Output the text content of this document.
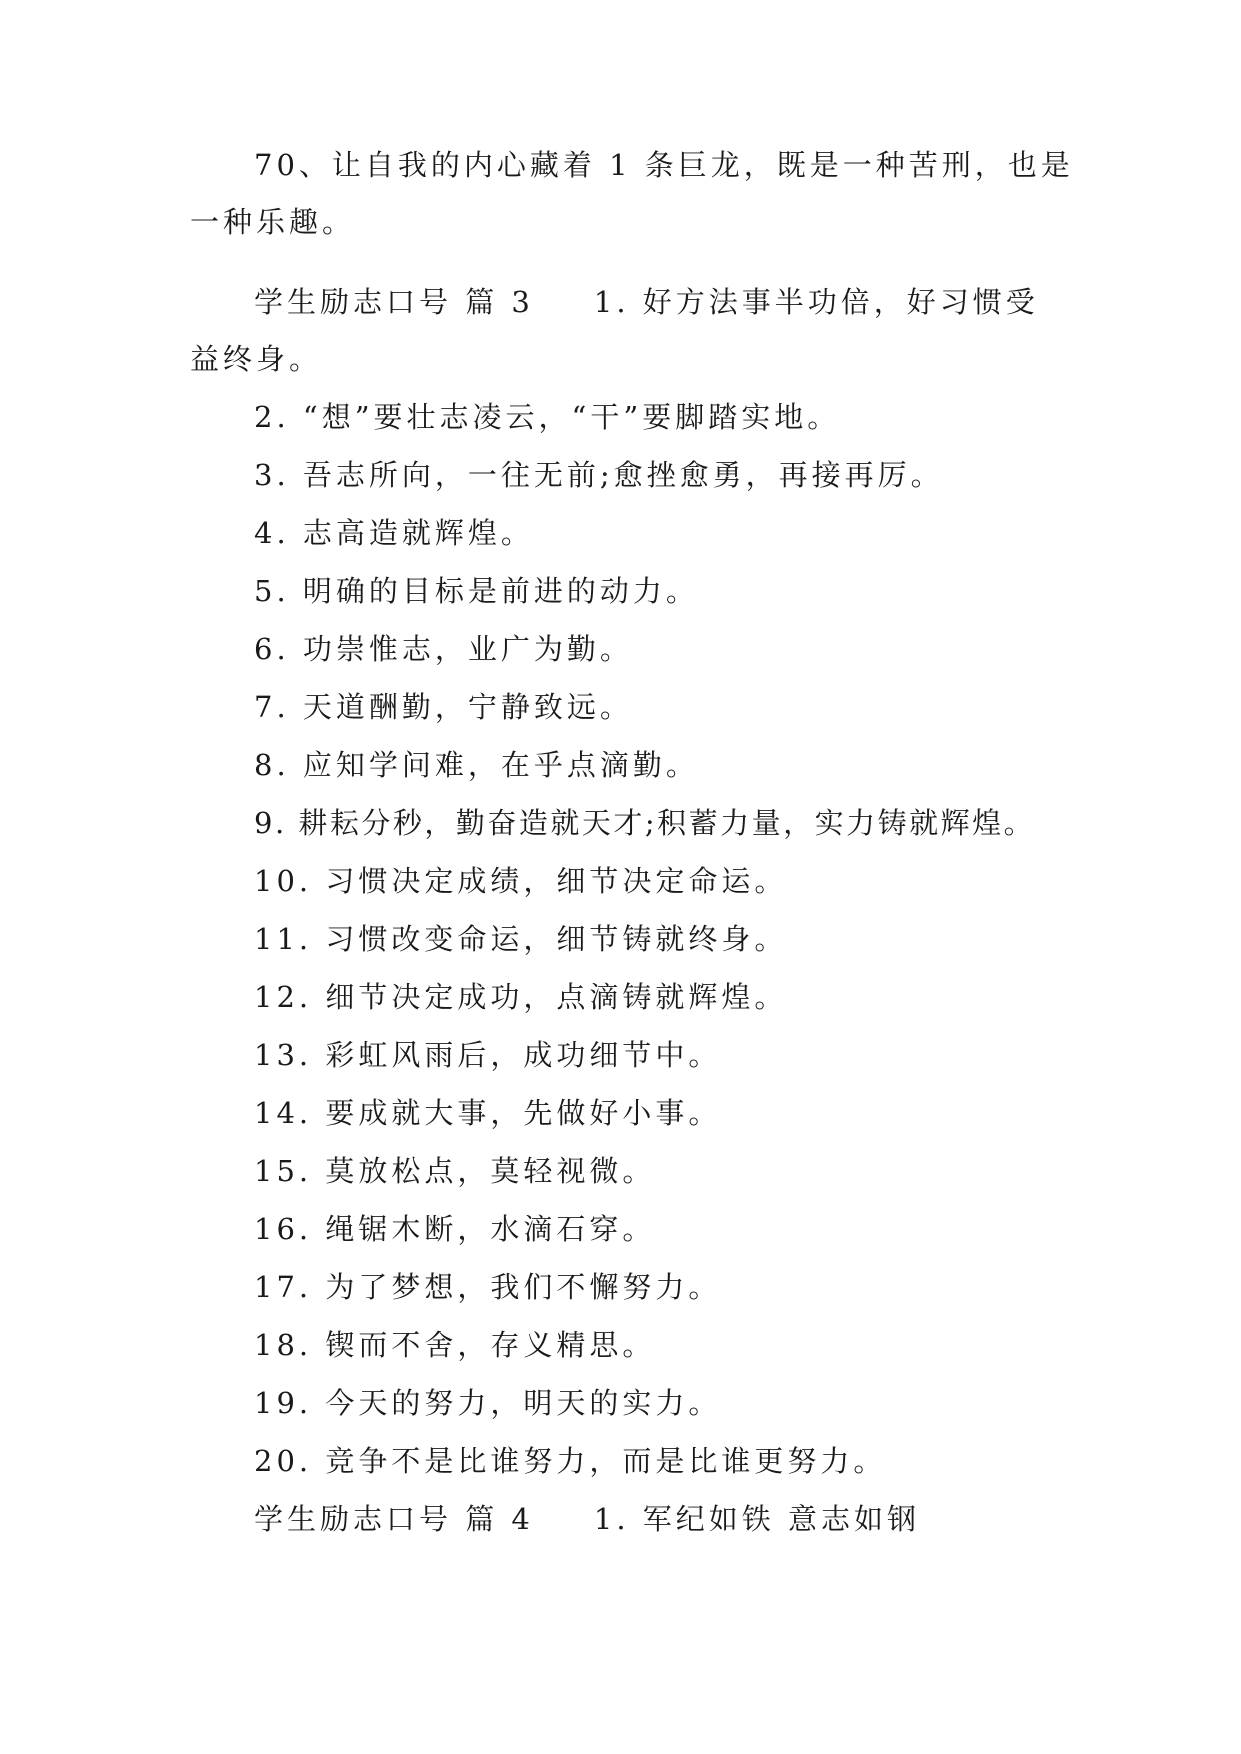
70、让自我的内心藏着 1 条巨龙，既是一种苦刑，也是
一种乐趣。
学生励志口号 篇 3 1. 好方法事半功倍，好习惯受
益终身。
2. “想”要壮志凌云，“干”要脚踏实地。
3. 吾志所向，一往无前;愈挫愈勇，再接再厉。
4. 志高造就辉煌。
5. 明确的目标是前进的动力。
6. 功崇惟志，业广为勤。
7. 天道酬勤，宁静致远。
8. 应知学问难，在乎点滴勤。
9. 耕耘分秒，勤奋造就天才;积蓄力量，实力铸就辉煌。
10. 习惯决定成绩，细节决定命运。
11. 习惯改变命运，细节铸就终身。
12. 细节决定成功，点滴铸就辉煌。
13. 彩虹风雨后，成功细节中。
14. 要成就大事，先做好小事。
15. 莫放松点，莫轻视微。
16. 绳锯木断，水滴石穿。
17. 为了梦想，我们不懈努力。
18. 锲而不舍，存义精思。
19. 今天的努力，明天的实力。
20. 竞争不是比谁努力，而是比谁更努力。
学生励志口号 篇 4 1. 军纪如铁 意志如钢
